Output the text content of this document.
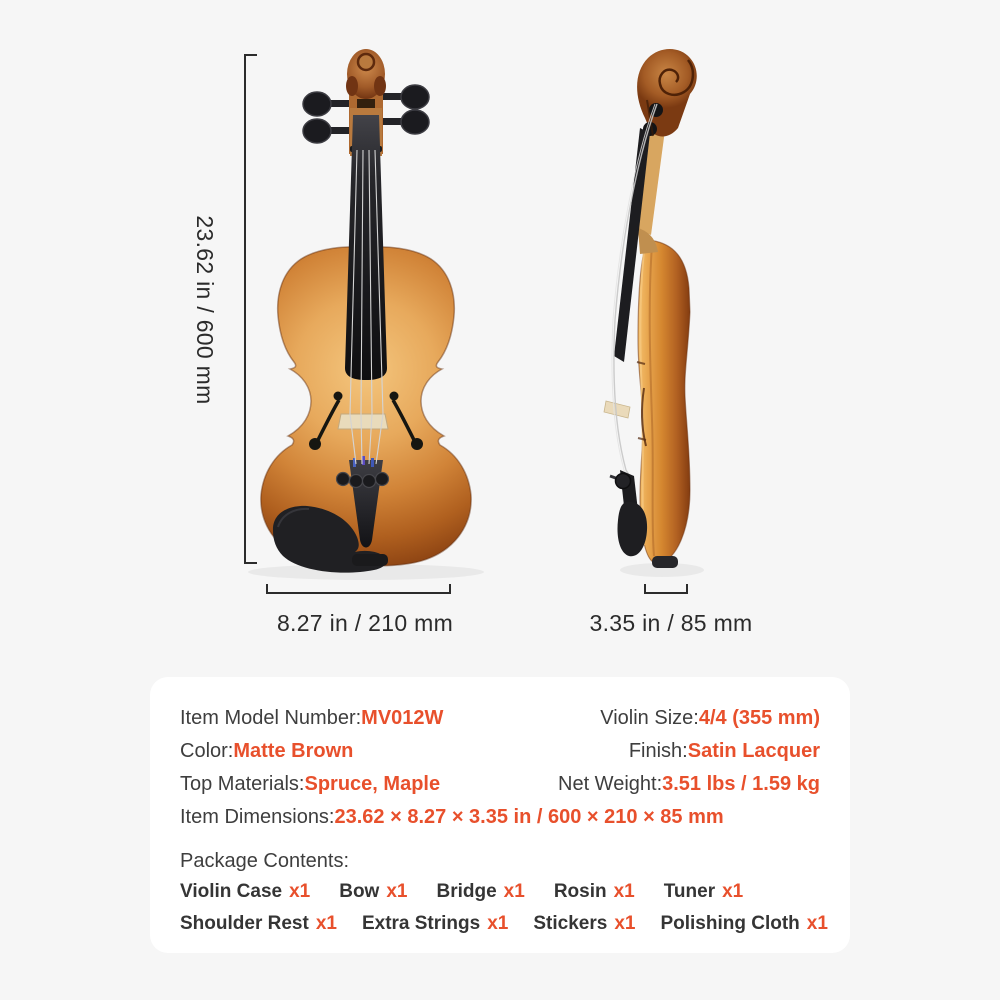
23.62 in / 600 mm
8.27 in / 210 mm	3.35 in / 85 mm
Item Model Number:MV012W	Violin Size:4/4 (355 mm)
Color:Matte Brown	Finish:Satin Lacquer
Top Materials:Spruce, Maple	Net Weight:3.51 lbs / 1.59 kg
Item Dimensions:23.62 × 8.27 × 3.35 in / 600 × 210 × 85 mm
Package Contents:
Violin Case x1 Bow x1 Bridge x1 Rosin x1 Tuner x1
Shoulder Rest x1 Extra Strings x1 Stickers x1 Polishing Cloth x1
